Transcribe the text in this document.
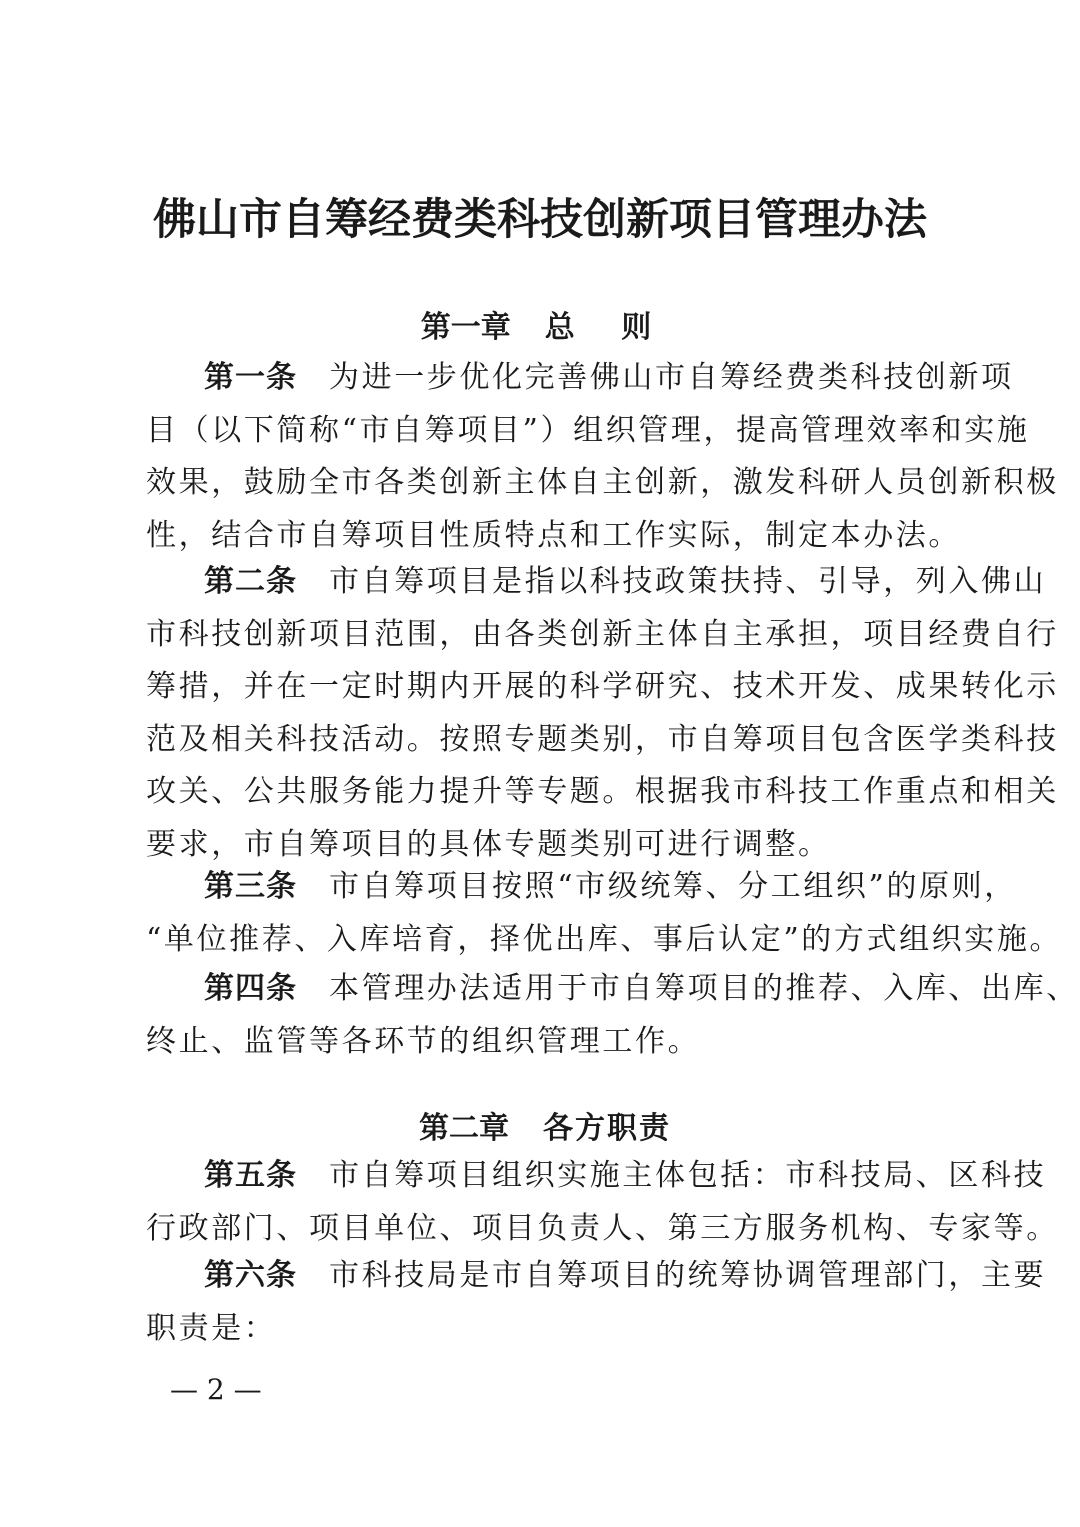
佛山市自筹经费类科技创新项目管理办法
第一章 总 则
第一条 为进一步优化完善佛山市自筹经费类科技创新项
目（以下简称“市自筹项目”）组织管理，提高管理效率和实施
效果，鼓励全市各类创新主体自主创新，激发科研人员创新积极
性，结合市自筹项目性质特点和工作实际，制定本办法。
第二条 市自筹项目是指以科技政策扶持、引导，列入佛山
市科技创新项目范围，由各类创新主体自主承担，项目经费自行
筹措，并在一定时期内开展的科学研究、技术开发、成果转化示
范及相关科技活动。按照专题类别，市自筹项目包含医学类科技
攻关、公共服务能力提升等专题。根据我市科技工作重点和相关
要求，市自筹项目的具体专题类别可进行调整。
第三条 市自筹项目按照“市级统筹、分工组织”的原则，
“单位推荐、入库培育，择优出库、事后认定”的方式组织实施。
第四条 本管理办法适用于市自筹项目的推荐、入库、出库、
终止、监管等各环节的组织管理工作。
第二章 各方职责
第五条 市自筹项目组织实施主体包括：市科技局、区科技
行政部门、项目单位、项目负责人、第三方服务机构、专家等。
第六条 市科技局是市自筹项目的统筹协调管理部门，主要
职责是：
— 2 —
